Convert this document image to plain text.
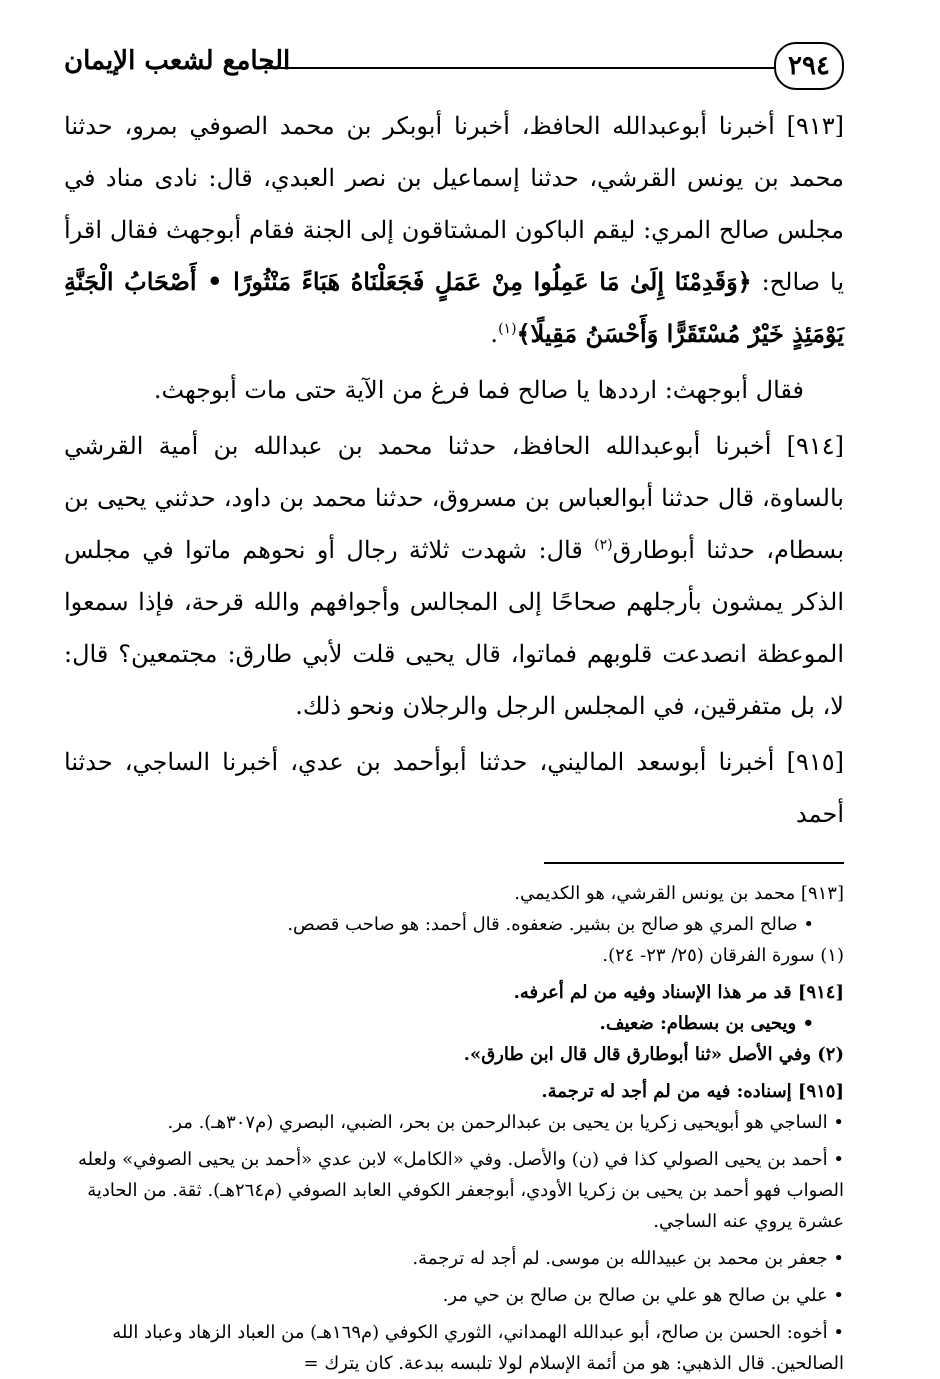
٢٩٤
الجامع لشعب الإيمان

[٩١٣] أخبرنا أبوعبدالله الحافظ، أخبرنا أبوبكر بن محمد الصوفي بمرو، حدثنا محمد بن يونس القرشي، حدثنا إسماعيل بن نصر العبدي، قال: نادى مناد في مجلس صالح المري: ليقم الباكون المشتاقون إلى الجنة فقام أبوجهث فقال اقرأ يا صالح: ﴿وَقَدِمْنَا إِلَىٰ مَا عَمِلُوا مِنْ عَمَلٍ فَجَعَلْنَاهُ هَبَاءً مَنْثُورًا • أَصْحَابُ الْجَنَّةِ يَوْمَئِذٍ خَيْرٌ مُسْتَقَرًّا وَأَحْسَنُ مَقِيلًا﴾$^{(١)}$.

فقال أبوجهث: ارددها يا صالح فما فرغ من الآية حتى مات أبوجهث.

[٩١٤] أخبرنا أبوعبدالله الحافظ، حدثنا محمد بن عبدالله بن أمية القرشي بالساوة، قال حدثنا أبوالعباس بن مسروق، حدثنا محمد بن داود، حدثني يحيى بن بسطام، حدثنا أبوطارق$^{(٢)}$ قال: شهدت ثلاثة رجال أو نحوهم ماتوا في مجلس الذكر يمشون بأرجلهم صحاحًا إلى المجالس وأجوافهم والله قرحة، فإذا سمعوا الموعظة انصدعت قلوبهم فماتوا، قال يحيى قلت لأبي طارق: مجتمعين؟ قال: لا، بل متفرقين، في المجلس الرجل والرجلان ونحو ذلك.

[٩١٥] أخبرنا أبوسعد الماليني، حدثنا أبوأحمد بن عدي، أخبرنا الساجي، حدثنا أحمد

[٩١٣] محمد بن يونس القرشي، هو الكديمي.

• صالح المري هو صالح بن بشير. ضعفوه. قال أحمد: هو صاحب قصص.

(١) سورة الفرقان (٢٥/ ٢٣- ٢٤).

[٩١٤] قد مر هذا الإسناد وفيه من لم أعرفه.

• ويحيى بن بسطام: ضعيف.

(٢) وفي الأصل «ثنا أبوطارق قال قال ابن طارق».

[٩١٥] إسناده: فيه من لم أجد له ترجمة.

• الساجي هو أبويحيى زكريا بن يحيى بن عبدالرحمن بن بحر، الضبي، البصري (م٣٠٧هـ). مر.

• أحمد بن يحيى الصولي كذا في (ن) والأصل. وفي «الكامل» لابن عدي «أحمد بن يحيى الصوفي» ولعله الصواب فهو أحمد بن يحيى بن زكريا الأودي، أبوجعفر الكوفي العابد الصوفي (م٢٦٤هـ). ثقة. من الحادية عشرة يروي عنه الساجي.

• جعفر بن محمد بن عبيدالله بن موسى. لم أجد له ترجمة.

• علي بن صالح هو علي بن صالح بن صالح بن حي مر.

• أخوه: الحسن بن صالح، أبو عبدالله الهمداني، الثوري الكوفي (م١٦٩هـ) من العباد الزهاد وعباد الله الصالحين. قال الذهبي: هو من أئمة الإسلام لولا تلبسه ببدعة. كان يترك =
